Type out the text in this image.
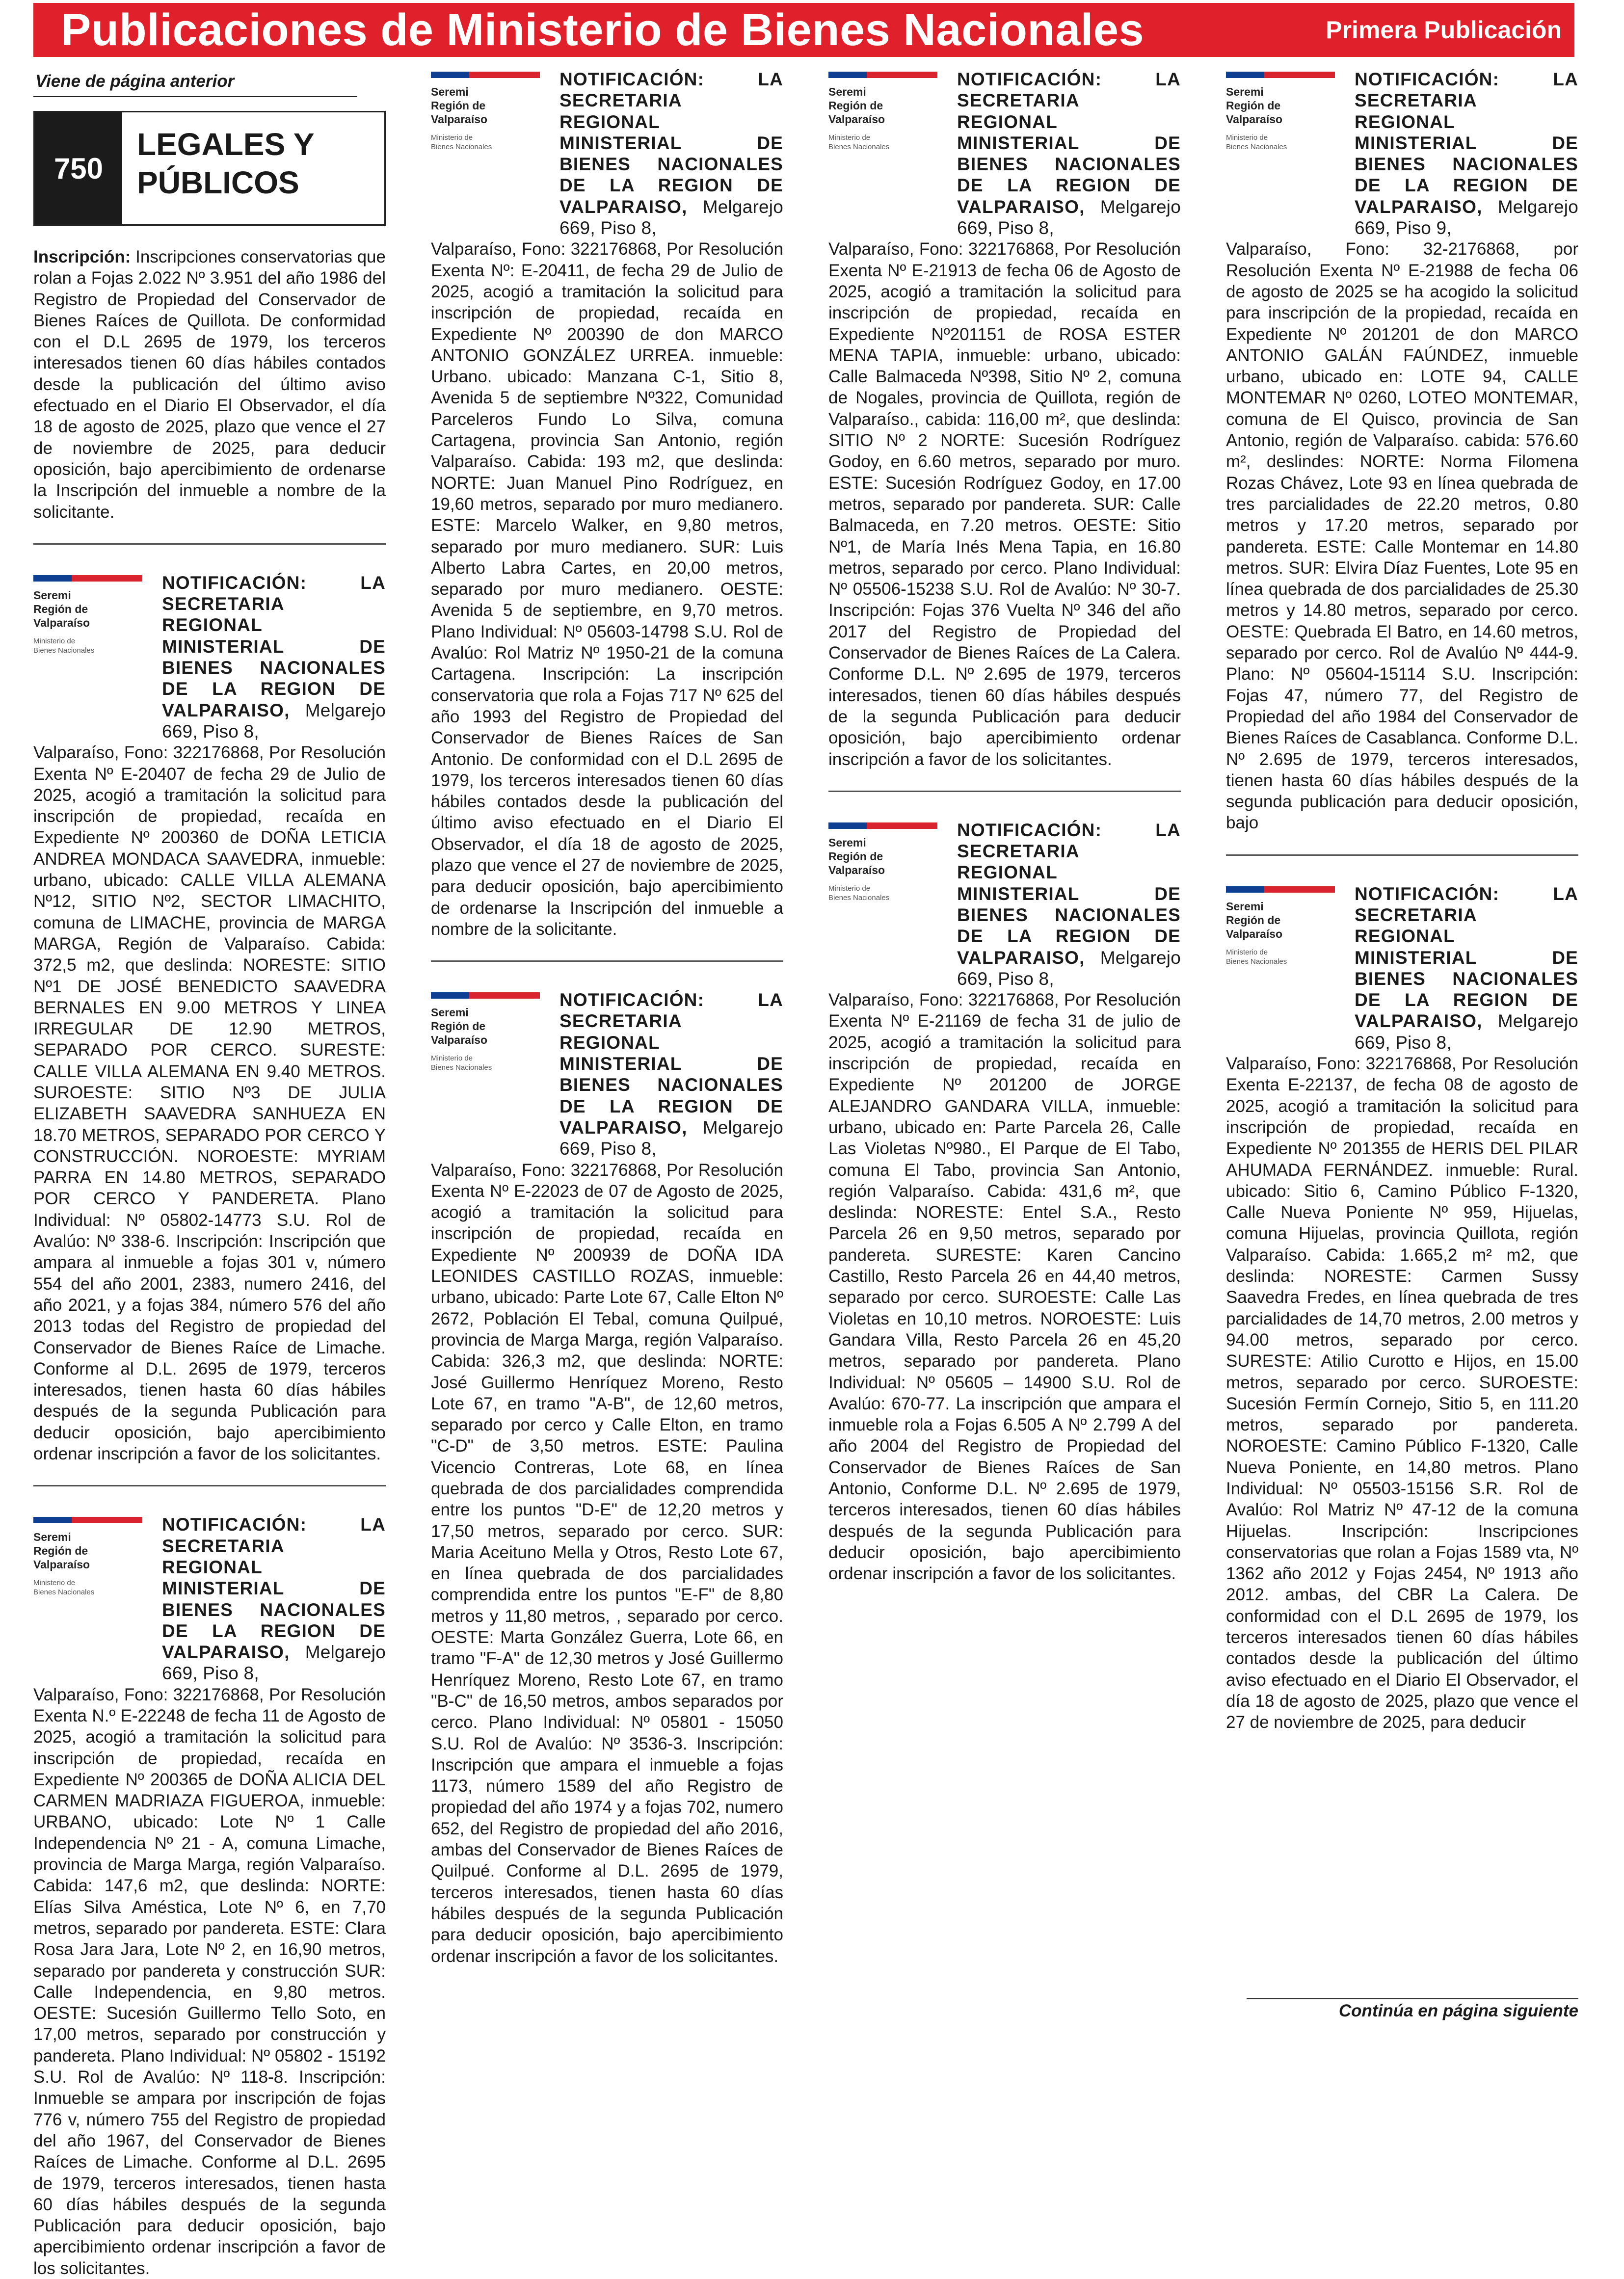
Publicaciones de Ministerio de Bienes Nacionales	Primera Publicación
Viene de página anterior
750
LEGALES Y PÚBLICOS

Inscripción: Inscripciones conservatorias que rolan a Fojas 2.022 Nº 3.951 del año 1986 del Registro de Propiedad del Conservador de Bienes Raíces de Quillota. De conformidad con el D.L 2695 de 1979, los terceros interesados tienen 60 días hábiles contados desde la publicación del último aviso efectuado en el Diario El Observador, el día 18 de agosto de 2025, plazo que vence el 27 de noviembre de 2025, para deducir oposición, bajo apercibimiento de ordenarse la Inscripción del inmueble a nombre de la solicitante.

Seremi
Región de
Valparaíso
Ministerio de
Bienes Nacionales
NOTIFICACIÓN: LA SECRETARIA REGIONAL MINISTERIAL DE BIENES NACIONALES DE LA REGION DE VALPARAISO, Melgarejo 669, Piso 8,

Valparaíso, Fono: 322176868, Por Resolución Exenta Nº E-20407 de fecha 29 de Julio de 2025, acogió a tramitación la solicitud para inscripción de propiedad, recaída en Expediente Nº 200360 de DOÑA LETICIA ANDREA MONDACA SAAVEDRA, inmueble: urbano, ubicado: CALLE VILLA ALEMANA Nº12, SITIO Nº2, SECTOR LIMACHITO, comuna de LIMACHE, provincia de MARGA MARGA, Región de Valparaíso. Cabida: 372,5 m2, que deslinda: NORESTE: SITIO Nº1 DE JOSÉ BENEDICTO SAAVEDRA BERNALES EN 9.00 METROS Y LINEA IRREGULAR DE 12.90 METROS, SEPARADO POR CERCO. SURESTE: CALLE VILLA ALEMANA EN 9.40 METROS. SUROESTE: SITIO Nº3 DE JULIA ELIZABETH SAAVEDRA SANHUEZA EN 18.70 METROS, SEPARADO POR CERCO Y CONSTRUCCIÓN. NOROESTE: MYRIAM PARRA EN 14.80 METROS, SEPARADO POR CERCO Y PANDERETA. Plano Individual: Nº 05802-14773 S.U. Rol de Avalúo: Nº 338-6. Inscripción: Inscripción que ampara al inmueble a fojas 301 v, número 554 del año 2001, 2383, numero 2416, del año 2021, y a fojas 384, número 576 del año 2013 todas del Registro de propiedad del Conservador de Bienes Raíce de Limache. Conforme al D.L. 2695 de 1979, terceros interesados, tienen hasta 60 días hábiles después de la segunda Publicación para deducir oposición, bajo apercibimiento ordenar inscripción a favor de los solicitantes.

Seremi
Región de
Valparaíso
Ministerio de
Bienes Nacionales
NOTIFICACIÓN: LA SECRETARIA REGIONAL MINISTERIAL DE BIENES NACIONALES DE LA REGION DE VALPARAISO, Melgarejo 669, Piso 8,

Valparaíso, Fono: 322176868, Por Resolución Exenta N.º E-22248 de fecha 11 de Agosto de 2025, acogió a tramitación la solicitud para inscripción de propiedad, recaída en Expediente Nº 200365 de DOÑA ALICIA DEL CARMEN MADRIAZA FIGUEROA, inmueble: URBANO, ubicado: Lote Nº 1 Calle Independencia Nº 21 - A, comuna Limache, provincia de Marga Marga, región Valparaíso. Cabida: 147,6 m2, que deslinda: NORTE: Elías Silva Améstica, Lote Nº 6, en 7,70 metros, separado por pandereta. ESTE: Clara Rosa Jara Jara, Lote Nº 2, en 16,90 metros, separado por pandereta y construcción SUR: Calle Independencia, en 9,80 metros. OESTE: Sucesión Guillermo Tello Soto, en 17,00 metros, separado por construcción y pandereta. Plano Individual: Nº 05802 - 15192 S.U. Rol de Avalúo: Nº 118-8. Inscripción: Inmueble se ampara por inscripción de fojas 776 v, número 755 del Registro de propiedad del año 1967, del Conservador de Bienes Raíces de Limache. Conforme al D.L. 2695 de 1979, terceros interesados, tienen hasta 60 días hábiles después de la segunda Publicación para deducir oposición, bajo apercibimiento ordenar inscripción a favor de los solicitantes.

Seremi
Región de
Valparaíso
Ministerio de
Bienes Nacionales
NOTIFICACIÓN: LA SECRETARIA REGIONAL MINISTERIAL DE BIENES NACIONALES DE LA REGION DE VALPARAISO, Melgarejo 669, Piso 8,

Valparaíso, Fono: 322176868, Por Resolución Exenta Nº: E-20411, de fecha 29 de Julio de 2025, acogió a tramitación la solicitud para inscripción de propiedad, recaída en Expediente Nº 200390 de don MARCO ANTONIO GONZÁLEZ URREA. inmueble: Urbano. ubicado: Manzana C-1, Sitio 8, Avenida 5 de septiembre Nº322, Comunidad Parceleros Fundo Lo Silva, comuna Cartagena, provincia San Antonio, región Valparaíso. Cabida: 193 m2, que deslinda: NORTE: Juan Manuel Pino Rodríguez, en 19,60 metros, separado por muro medianero. ESTE: Marcelo Walker, en 9,80 metros, separado por muro medianero. SUR: Luis Alberto Labra Cartes, en 20,00 metros, separado por muro medianero. OESTE: Avenida 5 de septiembre, en 9,70 metros. Plano Individual: Nº 05603-14798 S.U. Rol de Avalúo: Rol Matriz Nº 1950-21 de la comuna Cartagena. Inscripción: La inscripción conservatoria que rola a Fojas 717 Nº 625 del año 1993 del Registro de Propiedad del Conservador de Bienes Raíces de San Antonio. De conformidad con el D.L 2695 de 1979, los terceros interesados tienen 60 días hábiles contados desde la publicación del último aviso efectuado en el Diario El Observador, el día 18 de agosto de 2025, plazo que vence el 27 de noviembre de 2025, para deducir oposición, bajo apercibimiento de ordenarse la Inscripción del inmueble a nombre de la solicitante.

Seremi
Región de
Valparaíso
Ministerio de
Bienes Nacionales
NOTIFICACIÓN: LA SECRETARIA REGIONAL MINISTERIAL DE BIENES NACIONALES DE LA REGION DE VALPARAISO, Melgarejo 669, Piso 8,

Valparaíso, Fono: 322176868, Por Resolución Exenta Nº E-22023 de 07 de Agosto de 2025, acogió a tramitación la solicitud para inscripción de propiedad, recaída en Expediente Nº 200939 de DOÑA IDA LEONIDES CASTILLO ROZAS, inmueble: urbano, ubicado: Parte Lote 67, Calle Elton Nº 2672, Población El Tebal, comuna Quilpué, provincia de Marga Marga, región Valparaíso. Cabida: 326,3 m2, que deslinda: NORTE: José Guillermo Henríquez Moreno, Resto Lote 67, en tramo "A-B", de 12,60 metros, separado por cerco y Calle Elton, en tramo "C-D" de 3,50 metros. ESTE: Paulina Vicencio Contreras, Lote 68, en línea quebrada de dos parcialidades comprendida entre los puntos "D-E" de 12,20 metros y 17,50 metros, separado por cerco. SUR: Maria Aceituno Mella y Otros, Resto Lote 67, en línea quebrada de dos parcialidades comprendida entre los puntos "E-F" de 8,80 metros y 11,80 metros, , separado por cerco. OESTE: Marta González Guerra, Lote 66, en tramo "F-A" de 12,30 metros y José Guillermo Henríquez Moreno, Resto Lote 67, en tramo "B-C" de 16,50 metros, ambos separados por cerco. Plano Individual: Nº 05801 - 15050 S.U. Rol de Avalúo: Nº 3536-3. Inscripción: Inscripción que ampara el inmueble a fojas 1173, número 1589 del año Registro de propiedad del año 1974 y a fojas 702, numero 652, del Registro de propiedad del año 2016, ambas del Conservador de Bienes Raíces de Quilpué. Conforme al D.L. 2695 de 1979, terceros interesados, tienen hasta 60 días hábiles después de la segunda Publicación para deducir oposición, bajo apercibimiento ordenar inscripción a favor de los solicitantes.

Seremi
Región de
Valparaíso
Ministerio de
Bienes Nacionales
NOTIFICACIÓN: LA SECRETARIA REGIONAL MINISTERIAL DE BIENES NACIONALES DE LA REGION DE VALPARAISO, Melgarejo 669, Piso 8,

Valparaíso, Fono: 322176868, Por Resolución Exenta Nº E-21913 de fecha 06 de Agosto de 2025, acogió a tramitación la solicitud para inscripción de propiedad, recaída en Expediente Nº201151 de ROSA ESTER MENA TAPIA, inmueble: urbano, ubicado: Calle Balmaceda Nº398, Sitio Nº 2, comuna de Nogales, provincia de Quillota, región de Valparaíso., cabida: 116,00 m², que deslinda: SITIO Nº 2 NORTE: Sucesión Rodríguez Godoy, en 6.60 metros, separado por muro. ESTE: Sucesión Rodríguez Godoy, en 17.00 metros, separado por pandereta. SUR: Calle Balmaceda, en 7.20 metros. OESTE: Sitio Nº1, de María Inés Mena Tapia, en 16.80 metros, separado por cerco. Plano Individual: Nº 05506-15238 S.U. Rol de Avalúo: Nº 30-7. Inscripción: Fojas 376 Vuelta Nº 346 del año 2017 del Registro de Propiedad del Conservador de Bienes Raíces de La Calera. Conforme D.L. Nº 2.695 de 1979, terceros interesados, tienen 60 días hábiles después de la segunda Publicación para deducir oposición, bajo apercibimiento ordenar inscripción a favor de los solicitantes.

Seremi
Región de
Valparaíso
Ministerio de
Bienes Nacionales
NOTIFICACIÓN: LA SECRETARIA REGIONAL MINISTERIAL DE BIENES NACIONALES DE LA REGION DE VALPARAISO, Melgarejo 669, Piso 8,

Valparaíso, Fono: 322176868, Por Resolución Exenta Nº E-21169 de fecha 31 de julio de 2025, acogió a tramitación la solicitud para inscripción de propiedad, recaída en Expediente Nº 201200 de JORGE ALEJANDRO GANDARA VILLA, inmueble: urbano, ubicado en: Parte Parcela 26, Calle Las Violetas Nº980., El Parque de El Tabo, comuna El Tabo, provincia San Antonio, región Valparaíso. Cabida: 431,6 m², que deslinda: NORESTE: Entel S.A., Resto Parcela 26 en 9,50 metros, separado por pandereta. SURESTE: Karen Cancino Castillo, Resto Parcela 26 en 44,40 metros, separado por cerco. SUROESTE: Calle Las Violetas en 10,10 metros. NOROESTE: Luis Gandara Villa, Resto Parcela 26 en 45,20 metros, separado por pandereta. Plano Individual: Nº 05605 – 14900 S.U. Rol de Avalúo: 670-77. La inscripción que ampara el inmueble rola a Fojas 6.505 A Nº 2.799 A del año 2004 del Registro de Propiedad del Conservador de Bienes Raíces de San Antonio, Conforme D.L. Nº 2.695 de 1979, terceros interesados, tienen 60 días hábiles después de la segunda Publicación para deducir oposición, bajo apercibimiento ordenar inscripción a favor de los solicitantes.

Seremi
Región de
Valparaíso
Ministerio de
Bienes Nacionales
NOTIFICACIÓN: LA SECRETARIA REGIONAL MINISTERIAL DE BIENES NACIONALES DE LA REGION DE VALPARAISO, Melgarejo 669, Piso 9,

Valparaíso, Fono: 32-2176868, por Resolución Exenta Nº E-21988 de fecha 06 de agosto de 2025 se ha acogido la solicitud para inscripción de la propiedad, recaída en Expediente Nº 201201 de don MARCO ANTONIO GALÁN FAÚNDEZ, inmueble urbano, ubicado en: LOTE 94, CALLE MONTEMAR Nº 0260, LOTEO MONTEMAR, comuna de El Quisco, provincia de San Antonio, región de Valparaíso. cabida: 576.60 m², deslindes: NORTE: Norma Filomena Rozas Chávez, Lote 93 en línea quebrada de tres parcialidades de 22.20 metros, 0.80 metros y 17.20 metros, separado por pandereta. ESTE: Calle Montemar en 14.80 metros. SUR: Elvira Díaz Fuentes, Lote 95 en línea quebrada de dos parcialidades de 25.30 metros y 14.80 metros, separado por cerco. OESTE: Quebrada El Batro, en 14.60 metros, separado por cerco. Rol de Avalúo Nº 444-9. Plano: Nº 05604-15114 S.U. Inscripción: Fojas 47, número 77, del Registro de Propiedad del año 1984 del Conservador de Bienes Raíces de Casablanca. Conforme D.L. Nº 2.695 de 1979, terceros interesados, tienen hasta 60 días hábiles después de la segunda publicación para deducir oposición, bajo

Seremi
Región de
Valparaíso
Ministerio de
Bienes Nacionales
NOTIFICACIÓN: LA SECRETARIA REGIONAL MINISTERIAL DE BIENES NACIONALES DE LA REGION DE VALPARAISO, Melgarejo 669, Piso 8,

Valparaíso, Fono: 322176868, Por Resolución Exenta E-22137, de fecha 08 de agosto de 2025, acogió a tramitación la solicitud para inscripción de propiedad, recaída en Expediente Nº 201355 de HERIS DEL PILAR AHUMADA FERNÁNDEZ. inmueble: Rural. ubicado: Sitio 6, Camino Público F-1320, Calle Nueva Poniente Nº 959, Hijuelas, comuna Hijuelas, provincia Quillota, región Valparaíso. Cabida: 1.665,2 m² m2, que deslinda: NORESTE: Carmen Sussy Saavedra Fredes, en línea quebrada de tres parcialidades de 14,70 metros, 2.00 metros y 94.00 metros, separado por cerco. SURESTE: Atilio Curotto e Hijos, en 15.00 metros, separado por cerco. SUROESTE: Sucesión Fermín Cornejo, Sitio 5, en 111.20 metros, separado por pandereta. NOROESTE: Camino Público F-1320, Calle Nueva Poniente, en 14,80 metros. Plano Individual: Nº 05503-15156 S.R. Rol de Avalúo: Rol Matriz Nº 47-12 de la comuna Hijuelas. Inscripción: Inscripciones conservatorias que rolan a Fojas 1589 vta, Nº 1362 año 2012 y Fojas 2454, Nº 1913 año 2012. ambas, del CBR La Calera. De conformidad con el D.L 2695 de 1979, los terceros interesados tienen 60 días hábiles contados desde la publicación del último aviso efectuado en el Diario El Observador, el día 18 de agosto de 2025, plazo que vence el 27 de noviembre de 2025, para deducir

Continúa en página siguiente
